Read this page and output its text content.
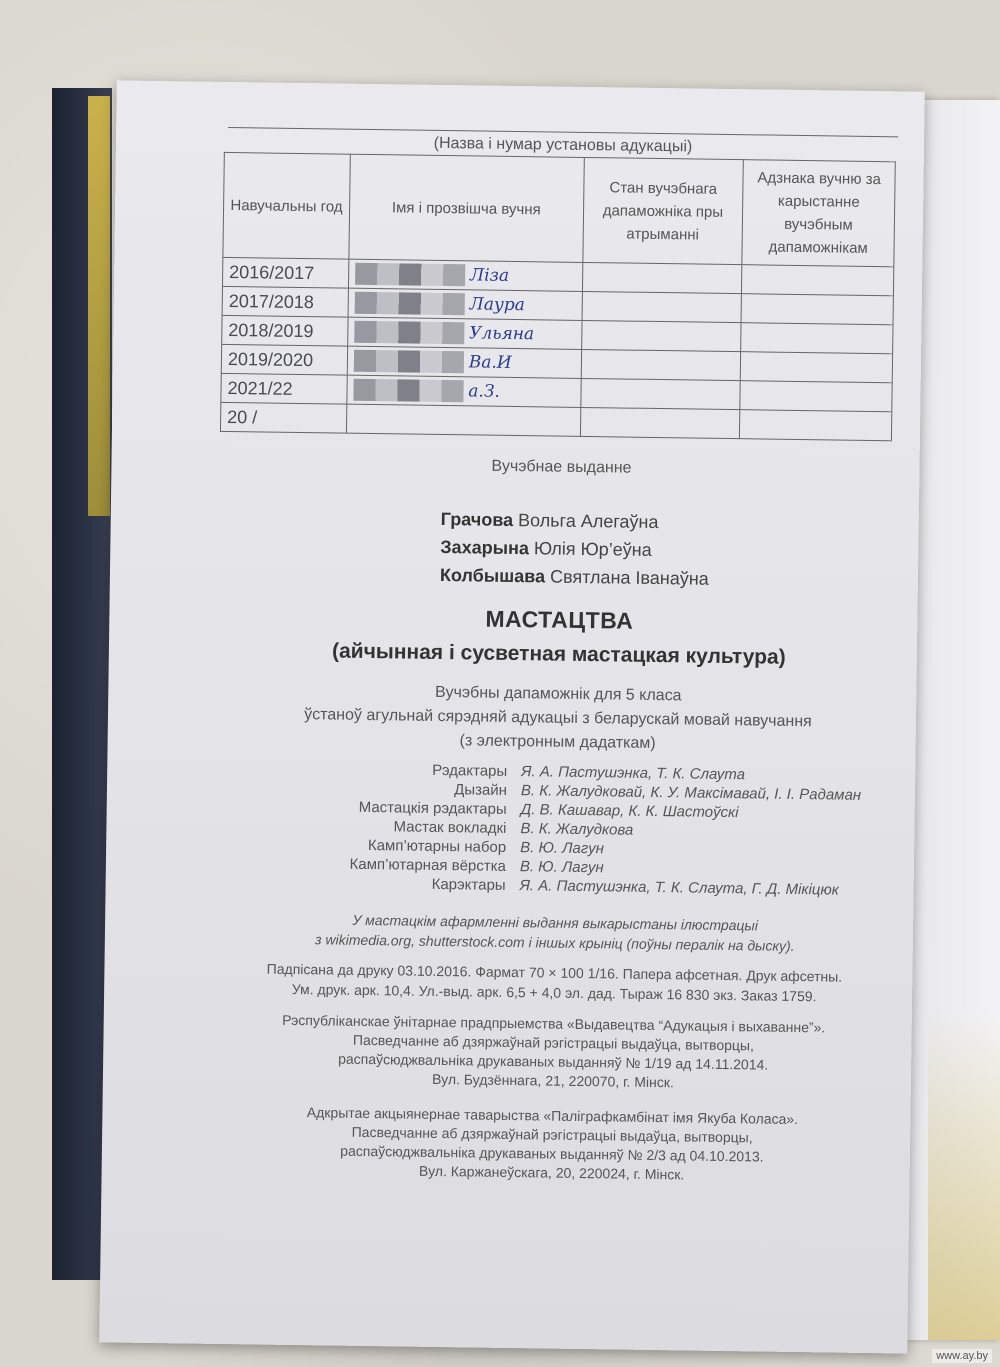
(Назва і нумар установы адукацыі)
Навучальны год	Імя і прозвішча вучня	Стан вучэбнага дапаможніка пры атрыманні	Адзнака вучню за карыстанне вучэбным дапаможнікам
2016/2017	Ліза		
2017/2018	Лаура		
2018/2019	Ульяна		
2019/2020	Ва.И		
2021/22	а.З.		
20 /			
Вучэбнае выданне
Грачова Вольга Алегаўна
Захарына Юлія Юр’еўна
Колбышава Святлана Іванаўна
МАСТАЦТВА
(айчынная і сусветная мастацкая культура)
Вучэбны дапаможнік для 5 класа
ўстаноў агульнай сярэдняй адукацыі з беларускай мовай навучання
(з электронным дадаткам)
Рэдактары Я. А. Пастушэнка, Т. К. Слаута
Дызайн В. К. Жалудковай, К. У. Максімавай, І. І. Радаман
Мастацкія рэдактары Д. В. Кашавар, К. К. Шастоўскі
Мастак вокладкі В. К. Жалудкова
Камп’ютарны набор В. Ю. Лагун
Камп’ютарная вёрстка В. Ю. Лагун
Карэктары Я. А. Пастушэнка, Т. К. Слаута, Г. Д. Мікіцюк
У мастацкім афармленні выдання выкарыстаны ілюстрацыі
з wikimedia.org, shutterstock.com і іншых крыніц (поўны пералік на дыску).
Падпісана да друку 03.10.2016. Фармат 70 × 100 1/16. Папера афсетная. Друк афсетны.
Ум. друк. арк. 10,4. Ул.-выд. арк. 6,5 + 4,0 эл. дад. Тыраж 16 830 экз. Заказ 1759.
Рэспубліканскае ўнітарнае прадпрыемства «Выдавецтва “Адукацыя і выхаванне”».
Пасведчанне аб дзяржаўнай рэгістрацыі выдаўца, вытворцы,
распаўсюджвальніка друкаваных выданняў № 1/19 ад 14.11.2014.
Вул. Будзённага, 21, 220070, г. Мінск.
Адкрытае акцыянернае таварыства «Паліграфкамбінат імя Якуба Коласа».
Пасведчанне аб дзяржаўнай рэгістрацыі выдаўца, вытворцы,
распаўсюджвальніка друкаваных выданняў № 2/3 ад 04.10.2013.
Вул. Каржанеўскага, 20, 220024, г. Мінск.
www.ay.by
